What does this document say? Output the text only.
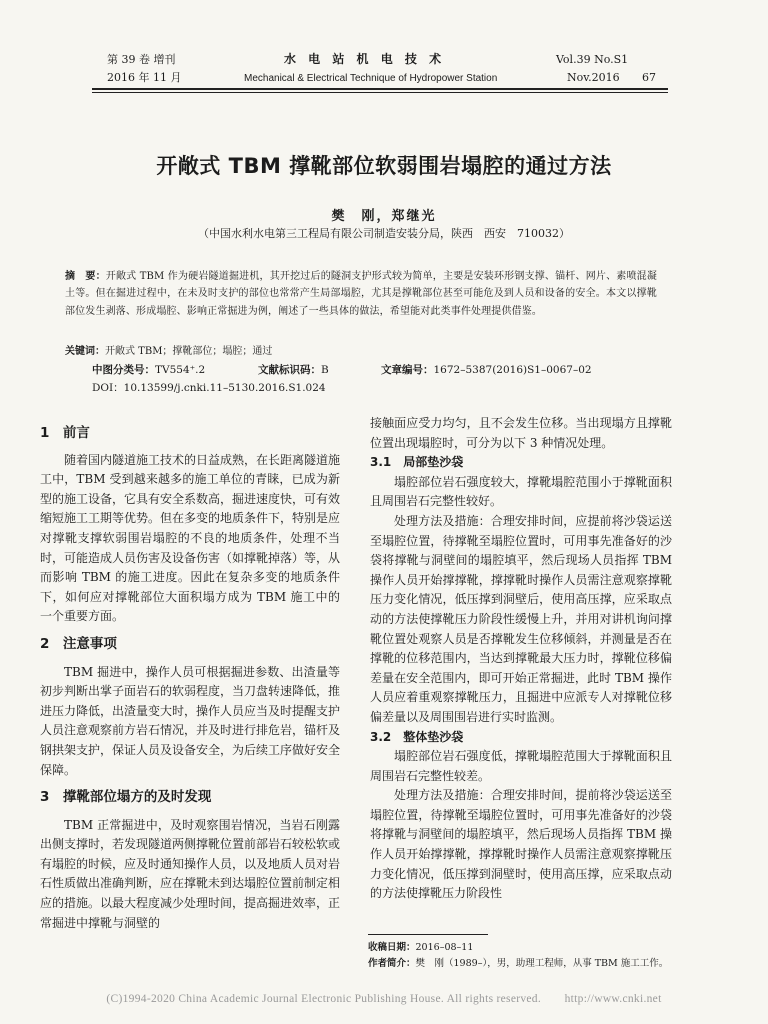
第 39 卷 增刊
2016 年 11 月
水 电 站 机 电 技 术
Mechanical & Electrical Technique of Hydropower Station
Vol.39 No.S1
Nov.2016 67
开敞式 TBM 撑靴部位软弱围岩塌腔的通过方法
樊　刚，郑继光
（中国水利水电第三工程局有限公司制造安装分局，陕西　西安　710032）
摘　要：开敞式 TBM 作为硬岩隧道掘进机，其开挖过后的隧洞支护形式较为简单，主要是安装环形钢支撑、锚杆、网片、素喷混凝土等。但在掘进过程中，在未及时支护的部位也常常产生局部塌腔，尤其是撑靴部位甚至可能危及到人员和设备的安全。本文以撑靴部位发生剥落、形成塌腔、影响正常掘进为例，阐述了一些具体的做法，希望能对此类事件处理提供借鉴。
关键词：开敞式 TBM；撑靴部位；塌腔；通过
中图分类号：TV554⁺.2	文献标识码：B	文章编号：1672–5387(2016)S1–0067–02
DOI：10.13599/j.cnki.11–5130.2016.S1.024
1　前言

随着国内隧道施工技术的日益成熟，在长距离隧道施工中，TBM 受到越来越多的施工单位的青睐，已成为新型的施工设备，它具有安全系数高，掘进速度快，可有效缩短施工工期等优势。但在多变的地质条件下，特别是应对撑靴支撑软弱围岩塌腔的不良的地质条件，处理不当时，可能造成人员伤害及设备伤害（如撑靴掉落）等，从而影响 TBM 的施工进度。因此在复杂多变的地质条件下，如何应对撑靴部位大面积塌方成为 TBM 施工中的一个重要方面。

2　注意事项

TBM 掘进中，操作人员可根据掘进参数、出渣量等初步判断出掌子面岩石的软弱程度，当刀盘转速降低，推进压力降低，出渣量变大时，操作人员应当及时提醒支护人员注意观察前方岩石情况，并及时进行排危岩，锚杆及钢拱架支护，保证人员及设备安全，为后续工序做好安全保障。

3　撑靴部位塌方的及时发现

TBM 正常掘进中，及时观察围岩情况，当岩石刚露出侧支撑时，若发现隧道两侧撑靴位置前部岩石较松软或有塌腔的时候，应及时通知操作人员，以及地质人员对岩石性质做出准确判断，应在撑靴未到达塌腔位置前制定相应的措施。以最大程度减少处理时间，提高掘进效率，正常掘进中撑靴与洞壁的

接触面应受力均匀，且不会发生位移。当出现塌方且撑靴位置出现塌腔时，可分为以下 3 种情况处理。

3.1　局部垫沙袋

塌腔部位岩石强度较大，撑靴塌腔范围小于撑靴面积且周围岩石完整性较好。

处理方法及措施：合理安排时间，应提前将沙袋运送至塌腔位置，待撑靴至塌腔位置时，可用事先准备好的沙袋将撑靴与洞壁间的塌腔填平，然后现场人员指挥 TBM 操作人员开始撑撑靴，撑撑靴时操作人员需注意观察撑靴压力变化情况，低压撑到洞壁后，使用高压撑，应采取点动的方法使撑靴压力阶段性缓慢上升，并用对讲机询问撑靴位置处观察人员是否撑靴发生位移倾斜，并测量是否在撑靴的位移范围内，当达到撑靴最大压力时，撑靴位移偏差量在安全范围内，即可开始正常掘进，此时 TBM 操作人员应着重观察撑靴压力，且掘进中应派专人对撑靴位移偏差量以及周围围岩进行实时监测。

3.2　整体垫沙袋

塌腔部位岩石强度低，撑靴塌腔范围大于撑靴面积且周围岩石完整性较差。

处理方法及措施：合理安排时间，提前将沙袋运送至塌腔位置，待撑靴至塌腔位置时，可用事先准备好的沙袋将撑靴与洞壁间的塌腔填平，然后现场人员指挥 TBM 操作人员开始撑撑靴，撑撑靴时操作人员需注意观察撑靴压力变化情况，低压撑到洞壁时，使用高压撑，应采取点动的方法使撑靴压力阶段性

收稿日期：2016–08–11
作者简介：樊　刚（1989–），男，助理工程师，从事 TBM 施工工作。
(C)1994-2020 China Academic Journal Electronic Publishing House. All rights reserved.　　http://www.cnki.net
